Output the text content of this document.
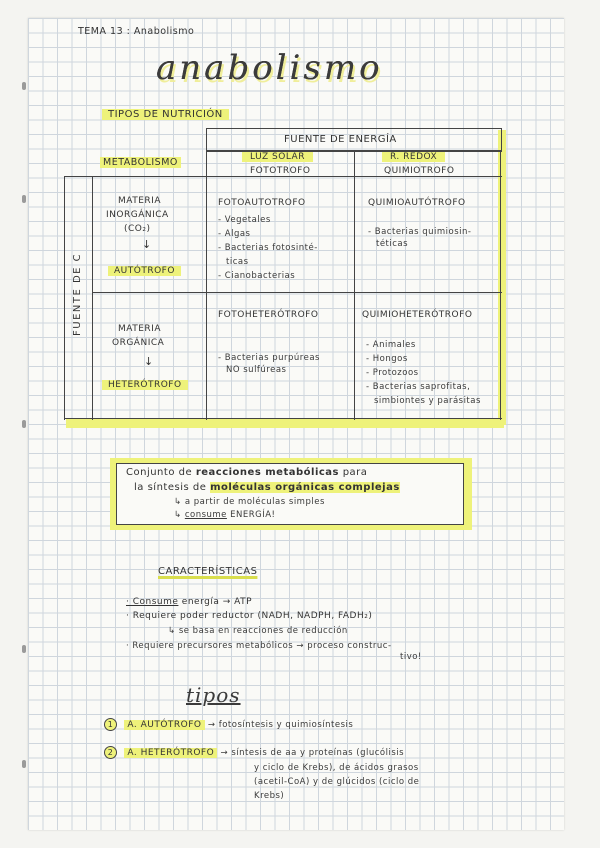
TEMA 13 : Anabolismo
anabolismo
TIPOS DE NUTRICIÓN
FUENTE DE ENERGÍA
METABOLISMO	LUZ SOLAR
FOTOTROFO
R. REDOX
QUIMIOTROFO
FUENTE DE C
MATERIA
INORGÁNICA
(CO₂)
↓
AUTÓTROFO
FOTOAUTOTROFO
- Vegetales
- Algas
- Bacterias fotosinté-
ticas
- Cianobacterias
QUIMIOAUTÓTROFO
- Bacterias quimiosin-
téticas
MATERIA
ORGÁNICA
↓
HETERÓTROFO
FOTOHETERÓTROFO
- Bacterias purpúreas
NO sulfúreas
QUIMIOHETERÓTROFO
- Animales
- Hongos
- Protozoos
- Bacterias saprofitas,
simbiontes y parásitas
Conjunto de reacciones metabólicas para
la síntesis de moléculas orgánicas complejas
↳ a partir de moléculas simples
↳ consume ENERGÍA!
CARACTERÍSTICAS
· Consume energía → ATP
· Requiere poder reductor (NADH, NADPH, FADH₂)
↳ se basa en reacciones de reducción
· Requiere precursores metabólicos → proceso construc-
tivo!
tipos
1 A. AUTÓTROFO → fotosíntesis y quimiosíntesis
2 A. HETERÓTROFO → síntesis de aa y proteínas (glucólisis
y ciclo de Krebs), de ácidos grasos
(acetil-CoA) y de glúcidos (ciclo de
Krebs)
